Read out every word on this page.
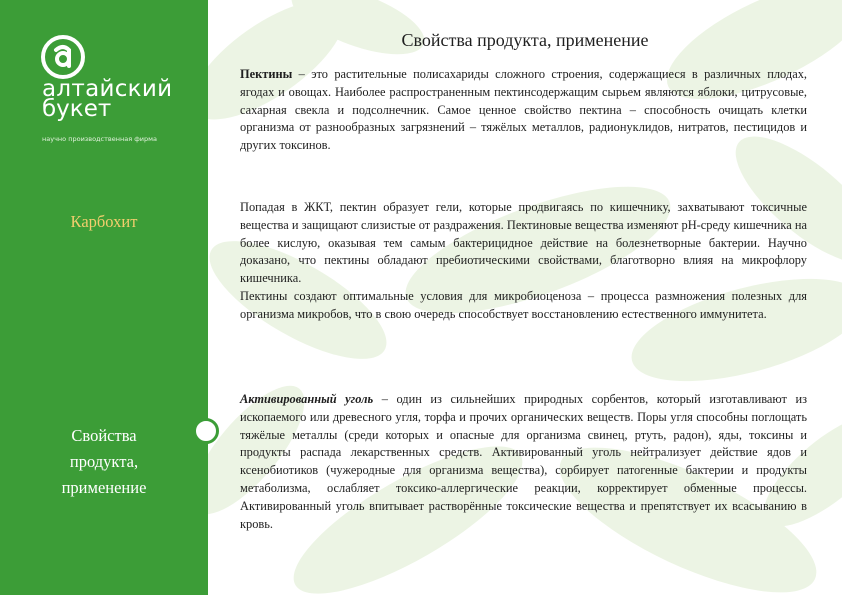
алтайский
букет
научно производственная фирма
Карбохит
Свойства
продукта,
применение
Свойства продукта, применение

Пектины – это растительные полисахариды сложного строения, содержащиеся в различных плодах, ягодах и овощах. Наиболее распространенным пектинсодержащим сырьем являются яблоки, цитрусовые, сахарная свекла и подсолнечник. Самое ценное свойство пектина – способность очищать клетки организма от разнообразных загрязнений – тяжёлых металлов, радионуклидов, нитратов, пестицидов и других токсинов.

Попадая в ЖКТ, пектин образует гели, которые продвигаясь по кишечнику, захватывают токсичные вещества и защищают слизистые от раздражения. Пектиновые вещества изменяют pH-среду кишечника на более кислую, оказывая тем самым бактерицидное действие на болезнетворные бактерии. Научно доказано, что пектины обладают пребиотическими свойствами, благотворно влияя на микрофлору кишечника.

Пектины создают оптимальные условия для микробиоценоза – процесса размножения полезных для организма микробов, что в свою очередь способствует восстановлению естественного иммунитета.

Активированный уголь – один из сильнейших природных сорбентов, который изготавливают из ископаемого или древесного угля, торфа и прочих органических веществ. Поры угля способны поглощать тяжёлые металлы (среди которых и опасные для организма свинец, ртуть, радон), яды, токсины и продукты распада лекарственных средств. Активированный уголь нейтрализует действие ядов и ксенобиотиков (чужеродные для организма вещества), сорбирует патогенные бактерии и продукты метаболизма, ослабляет токсико-аллергические реакции, корректирует обменные процессы. Активированный уголь впитывает растворённые токсические вещества и препятствует их всасыванию в кровь.
